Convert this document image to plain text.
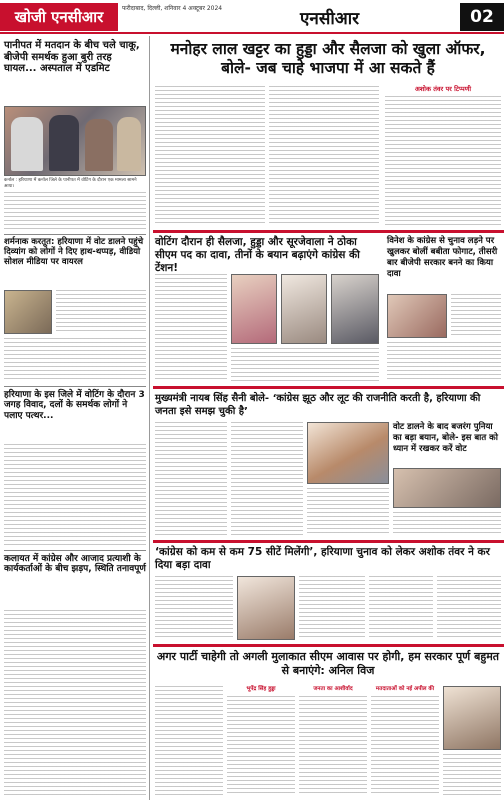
खोजी एनसीआर	फरीदाबाद, दिल्ली, शनिवार 4 अक्टूबर 2024
एनसीआर	02
पानीपत में मतदान के बीच चले चाकू, बीजेपी समर्थक हुआ बुरी तरह घायल... अस्पताल में एडमिट
कर्नाल : हरियाणा में कर्नाल जिले के पानीपत में वोटिंग के दौरान एक मामला सामने आया।
शर्मनाक करतूत: हरियाणा में वोट डालने पहुंचे दिव्यांग को लोगों ने दिए हाथ-थप्पड़, वीडियो सोशल मीडिया पर वायरल
हरियाणा के इस जिले में वोटिंग के दौरान 3 जगह विवाद, दलों के समर्थक लोगों ने पलाए पत्थर...
कलायत में कांग्रेस और आजाद प्रत्याशी के कार्यकर्ताओं के बीच झड़प, स्थिति तनावपूर्ण
मनोहर लाल खट्टर का हुड्डा और सैलजा को खुला ऑफर, बोले- जब चाहे भाजपा में आ सकते हैं
अशोक तंवर पर टिप्पणी
वोटिंग दौरान ही सैलजा, हुड्डा और सूरजेवाला ने ठोका सीएम पद का दावा, तीनों के बयान बढ़ाएंगे कांग्रेस की टेंशन!
विनेश के कांग्रेस से चुनाव लड़ने पर खुलकर बोलीं बबीता फोगाट, तीसरी बार बीजेपी सरकार बनने का किया दावा
मुख्यमंत्री नायब सिंह सैनी बोले- ‘कांग्रेस झूठ और लूट की राजनीति करती है, हरियाणा की जनता इसे समझ चुकी है’
वोट डालने के बाद बजरंग पुनिया का बड़ा बयान, बोले- इस बात को ध्यान में रखकर करें वोट
‘कांग्रेस को कम से कम 75 सीटें मिलेंगी’, हरियाणा चुनाव को लेकर अशोक तंवर ने कर दिया बड़ा दावा
अगर पार्टी चाहेगी तो अगली मुलाकात सीएम आवास पर होगी, हम सरकार पूर्ण बहुमत से बनाएंगे: अनिल विज
भूपेंद्र सिंह हुड्डा	जनता का आशीर्वाद	मतदाताओं को नई अपील की
